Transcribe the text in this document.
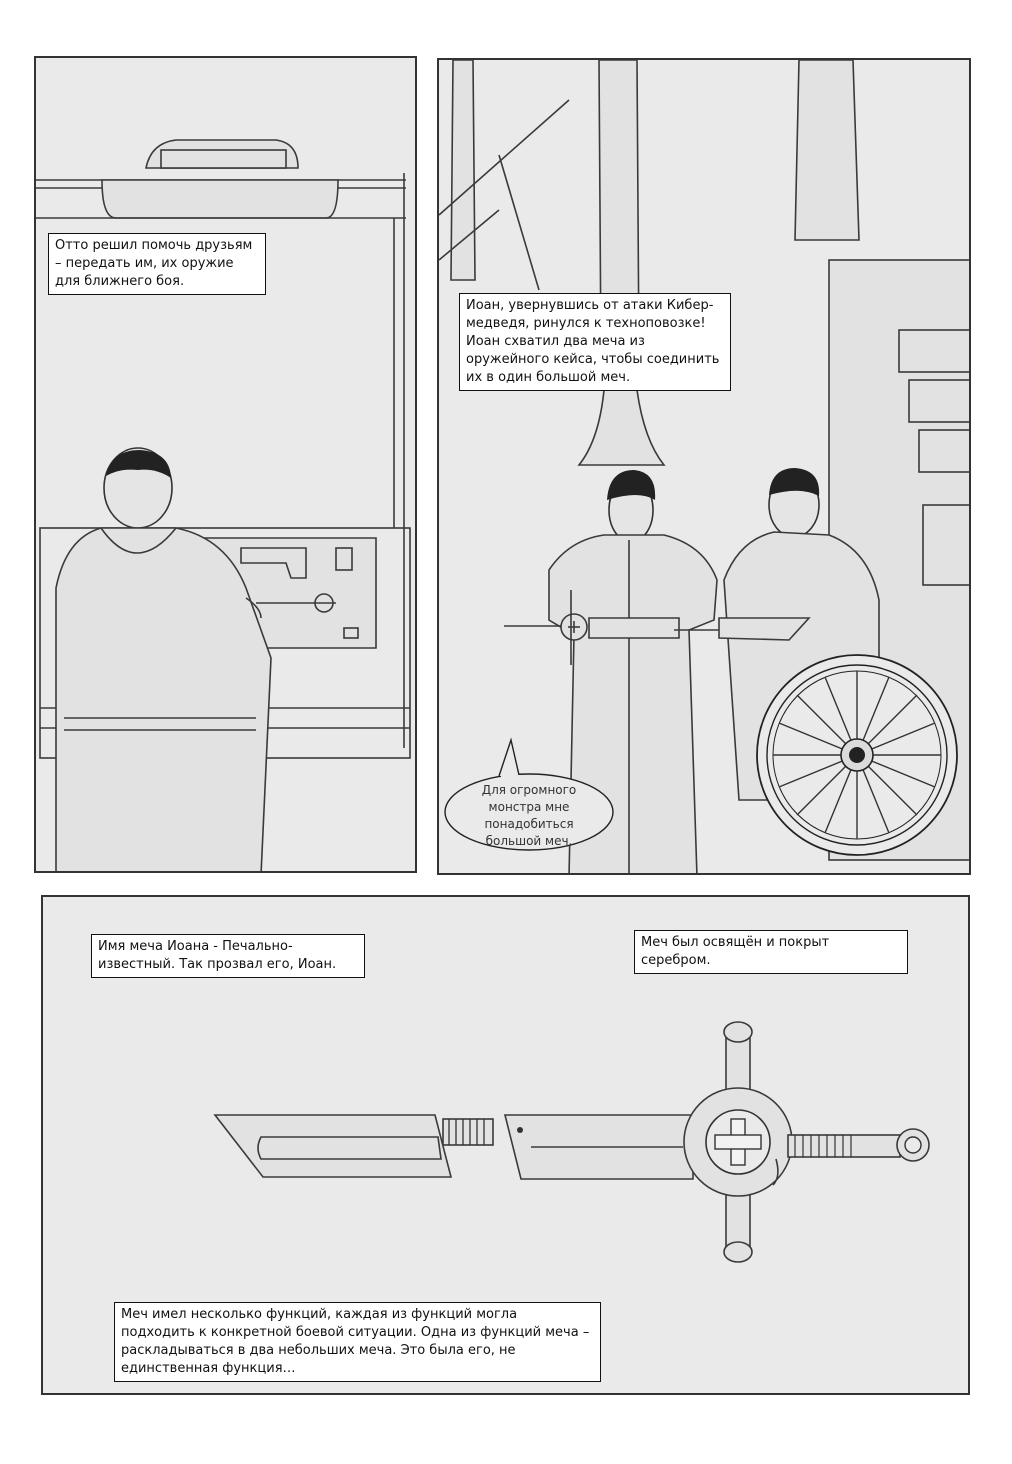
Отто решил помочь друзьям – передать им, их оружие для ближнего боя.
Иоан, увернувшись от атаки Кибер-медведя, ринулся к технoповозке! Иоан схватил два меча из оружейного кейса, чтобы соединить их в один большой меч.
Для огромного монстра мне понадобиться большой меч.
Имя меча Иоана - Печально-известный. Так прозвал его, Иоан.
Меч был освящён и покрыт серебром.
Меч имел несколько функций, каждая из функций могла подходить к конкретной боевой ситуации. Одна из функций меча – раскладываться в два небольших меча. Это была его, не единственная функция…
